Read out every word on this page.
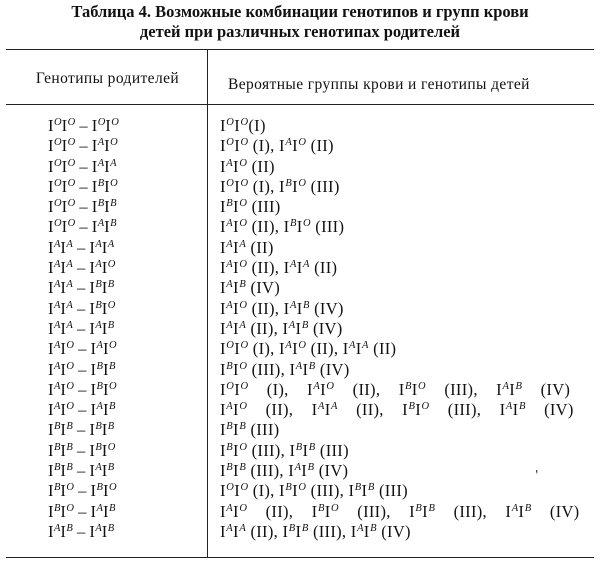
Таблица 4. Возможные комбинации генотипов и групп крови
детей при различных генотипах родителей
Генотипы родителей	Вероятные группы крови и генотипы детей
$I^OI^O - I^OI^O$	$I^OI^O(I)$
$I^OI^O - I^AI^O$	$I^OI^O$ (I), $I^AI^O$ (II)
$I^OI^O - I^AI^A$	$I^AI^O$ (II)
$I^OI^O - I^BI^O$	$I^OI^O$ (I), $I^BI^O$ (III)
$I^OI^O - I^BI^B$	$I^BI^O$ (III)
$I^OI^O - I^AI^B$	$I^AI^O$ (II), $I^BI^O$ (III)
$I^AI^A - I^AI^A$	$I^AI^A$ (II)
$I^AI^A - I^AI^O$	$I^AI^O$ (II), $I^AI^A$ (II)
$I^AI^A - I^BI^B$	$I^AI^B$ (IV)
$I^AI^A - I^BI^O$	$I^AI^O$ (II), $I^AI^B$ (IV)
$I^AI^A - I^AI^B$	$I^AI^A$ (II), $I^AI^B$ (IV)
$I^AI^O - I^AI^O$	$I^OI^O$ (I), $I^AI^O$ (II), $I^AI^A$ (II)
$I^AI^O - I^BI^B$	$I^BI^O$ (III), $I^AI^B$ (IV)
$I^AI^O - I^BI^O$	$I^OI^O$ (I), $I^AI^O$ (II), $I^BI^O$ (III), $I^AI^B$ (IV)
$I^AI^O - I^AI^B$	$I^AI^O$ (II), $I^AI^A$ (II), $I^BI^O$ (III), $I^AI^B$ (IV)
$I^BI^B - I^BI^B$	$I^BI^B$ (III)
$I^BI^B - I^BI^O$	$I^BI^O$ (III), $I^BI^B$ (III)
$I^BI^B - I^AI^B$	$I^BI^B$ (III), $I^AI^B$ (IV)
$I^BI^O - I^BI^O$	$I^OI^O$ (I), $I^BI^O$ (III), $I^BI^B$ (III)
$I^BI^O - I^AI^B$	$I^AI^O$ (II), $I^BI^O$ (III), $I^BI^B$ (III), $I^AI^B$ (IV)
$I^AI^B - I^AI^B$	$I^AI^A$ (II), $I^BI^B$ (III), $I^AI^B$ (IV)
′
